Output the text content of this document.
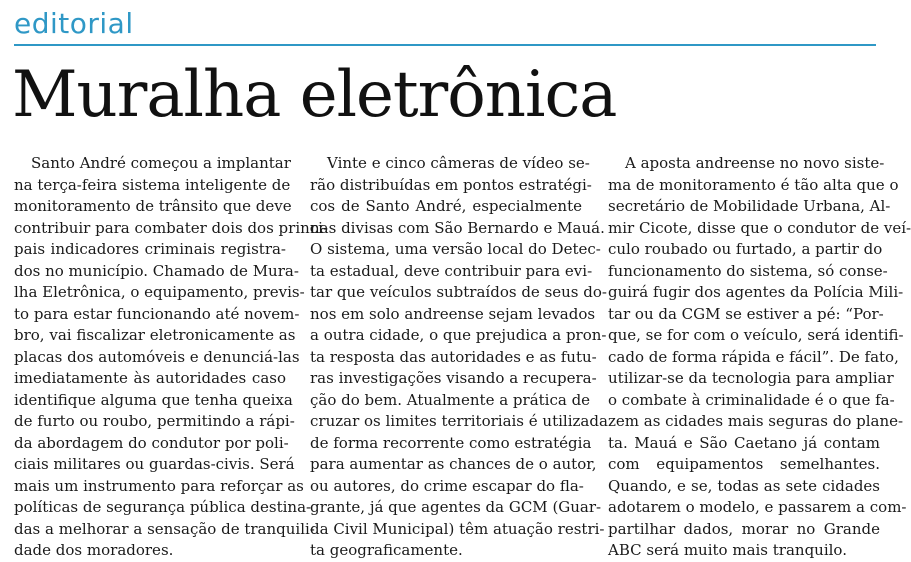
editorial
Muralha eletrônica
Santo André começou a implantar
na terça-feira sistema inteligente de
monitoramento de trânsito que deve
contribuir para combater dois dos princi-
pais indicadores criminais registra-
dos no município. Chamado de Mura-
lha Eletrônica, o equipamento, previs-
to para estar funcionando até novem-
bro, vai fiscalizar eletronicamente as
placas dos automóveis e denunciá-las
imediatamente às autoridades caso
identifique alguma que tenha queixa
de furto ou roubo, permitindo a rápi-
da abordagem do condutor por poli-
ciais militares ou guardas-civis. Será
mais um instrumento para reforçar as
políticas de segurança pública destina-
das a melhorar a sensação de tranquili-
dade dos moradores.
Vinte e cinco câmeras de vídeo se-
rão distribuídas em pontos estratégi-
cos de Santo André, especialmente
nas divisas com São Bernardo e Mauá.
O sistema, uma versão local do Detec-
ta estadual, deve contribuir para evi-
tar que veículos subtraídos de seus do-
nos em solo andreense sejam levados
a outra cidade, o que prejudica a pron-
ta resposta das autoridades e as futu-
ras investigações visando a recupera-
ção do bem. Atualmente a prática de
cruzar os limites territoriais é utilizada
de forma recorrente como estratégia
para aumentar as chances de o autor,
ou autores, do crime escapar do fla-
grante, já que agentes da GCM (Guar-
da Civil Municipal) têm atuação restri-
ta geograficamente.
A aposta andreense no novo siste-
ma de monitoramento é tão alta que o
secretário de Mobilidade Urbana, Al-
mir Cicote, disse que o condutor de veí-
culo roubado ou furtado, a partir do
funcionamento do sistema, só conse-
guirá fugir dos agentes da Polícia Mili-
tar ou da CGM se estiver a pé: “Por-
que, se for com o veículo, será identifi-
cado de forma rápida e fácil”. De fato,
utilizar-se da tecnologia para ampliar
o combate à criminalidade é o que fa-
zem as cidades mais seguras do plane-
ta. Mauá e São Caetano já contam
com equipamentos semelhantes.
Quando, e se, todas as sete cidades
adotarem o modelo, e passarem a com-
partilhar dados, morar no Grande
ABC será muito mais tranquilo.
